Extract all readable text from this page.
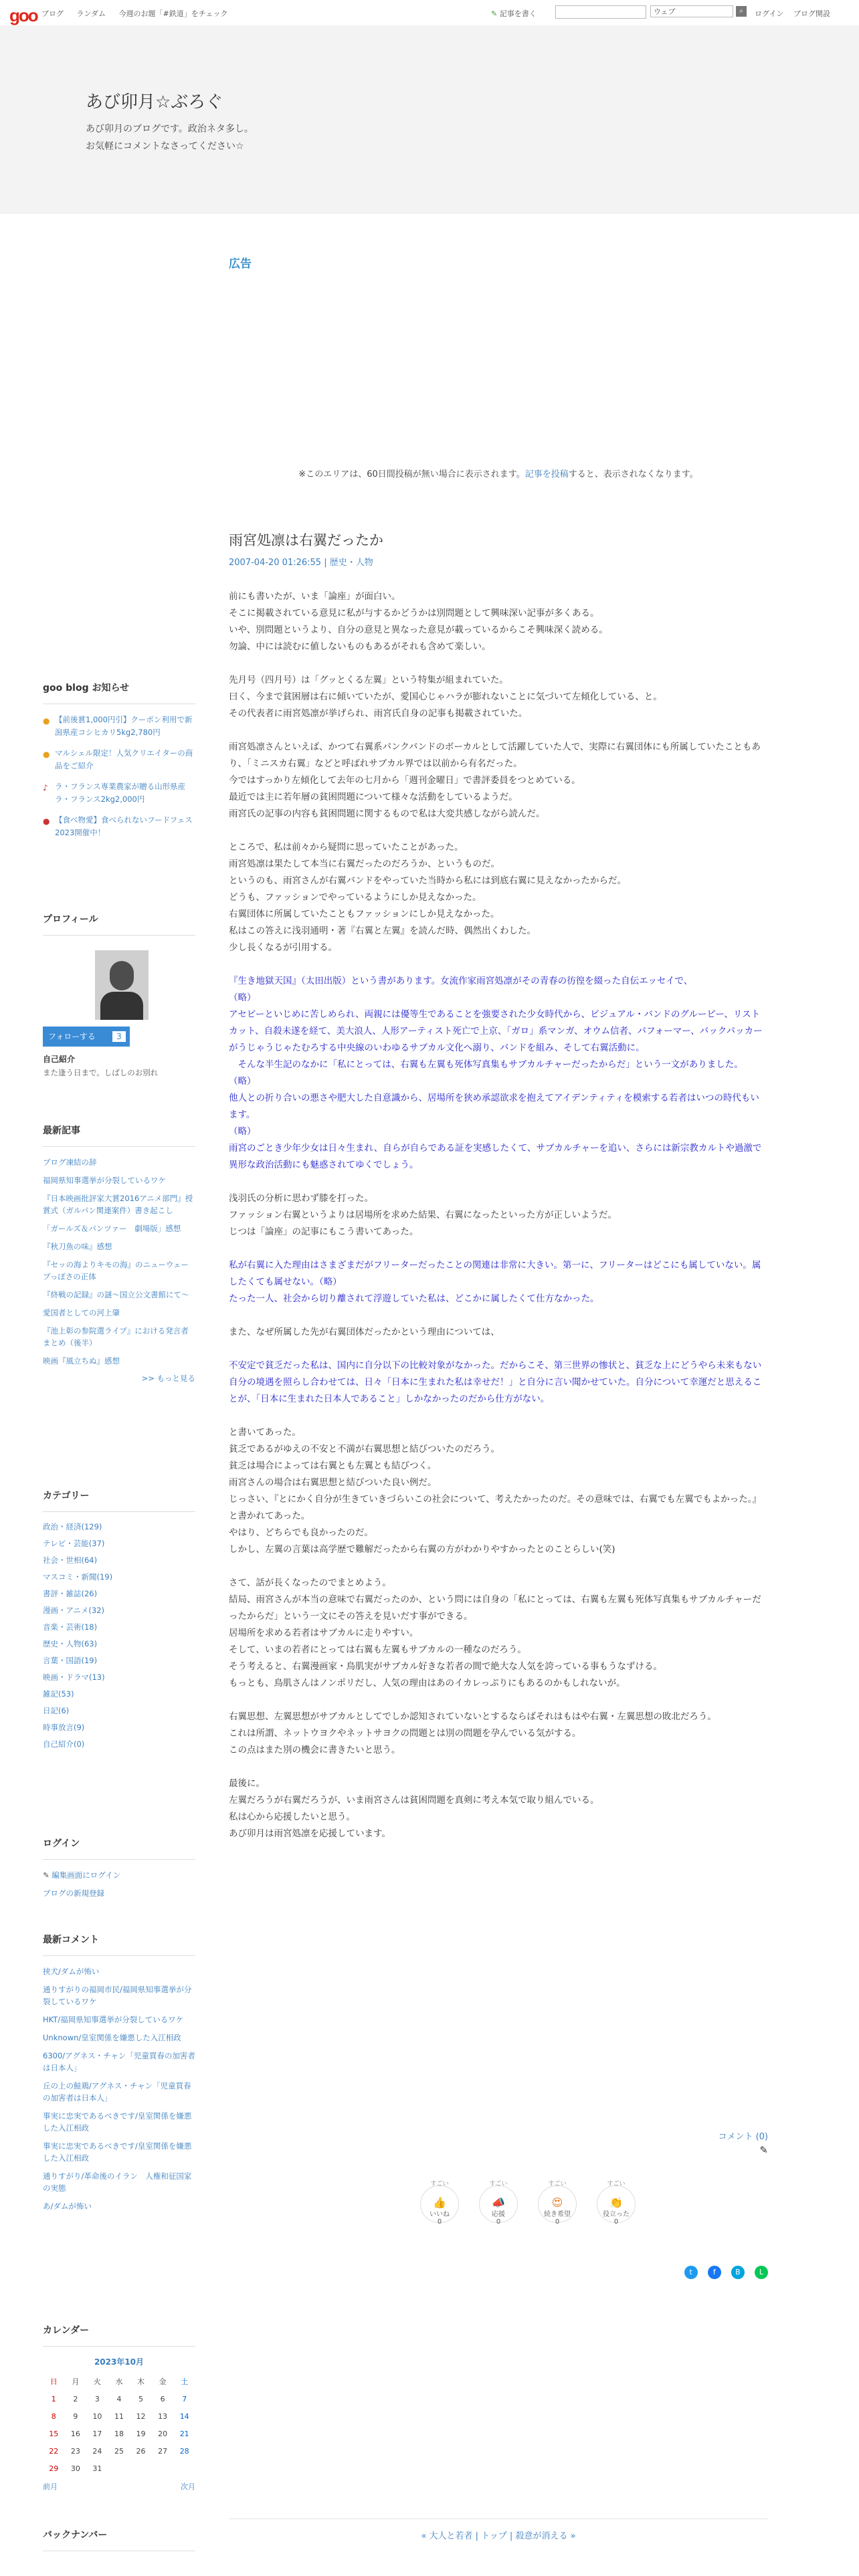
goo ブログ ランダム 今週のお題「#鉄道」をチェック	✎ 記事を書く	ウェブ	⌕	ログイン ブログ開設
あび卯月☆ぶろぐ
あび卯月のブログです。政治ネタ多し。
お気軽にコメントなさってください☆
広告
※このエリアは、60日間投稿が無い場合に表示されます。記事を投稿すると、表示されなくなります。
雨宮処凛は右翼だったか
2007-04-20 01:26:55 | 歴史・人物

前にも書いたが、いま「論座」が面白い。
そこに掲載されている意見に私が与するかどうかは別問題として興味深い記事が多くある。
いや、別問題というより、自分の意見と異なった意見が載っているからこそ興味深く読める。
勿論、中には読むに値しないものもあるがそれも含めて楽しい。

先月号（四月号）は「グッとくる左翼」という特集が組まれていた。
曰く、今まで貧困層は右に傾いていたが、愛国心じゃハラが膨れないことに気づいて左傾化している、と。
その代表者に雨宮処凛が挙げられ、雨宮氏自身の記事も掲載されていた。

雨宮処凛さんといえば、かつて右翼系パンクバンドのボーカルとして活躍していた人で、実際に右翼団体にも所属していたこともあり、「ミニスカ右翼」などと呼ばれサブカル界では以前から有名だった。
今ではすっかり左傾化して去年の七月から「週刊金曜日」で書評委員をつとめている。
最近では主に若年層の貧困問題について様々な活動をしているようだ。
雨宮氏の記事の内容も貧困問題に関するもので私は大変共感しながら読んだ。

ところで、私は前々から疑問に思っていたことがあった。
雨宮処凛は果たして本当に右翼だったのだろうか、というものだ。
というのも、雨宮さんが右翼バンドをやっていた当時から私には到底右翼に見えなかったからだ。
どうも、ファッションでやっているようにしか見えなかった。
右翼団体に所属していたこともファッションにしか見えなかった。
私はこの答えに浅羽通明・著『右翼と左翼』を読んだ時、偶然出くわした。
少し長くなるが引用する。

『生き地獄天国』（太田出版）という書があります。女流作家雨宮処凛がその青春の彷徨を綴った自伝エッセイで、
（略）
アセビーといじめに苦しめられ、両親には優等生であることを強要された少女時代から、ビジュアル・バンドのグルーピー、リストカット、自殺未遂を経て、美大浪人、人形アーティスト死亡で上京、「ガロ」系マンガ、オウム信者、パフォーマー、バックパッカーがうじゃうじゃたむろする中央線のいわゆるサブカル文化へ溺り、バンドを組み、そして右翼活動に。
　そんな半生記のなかに「私にとっては、右翼も左翼も死体写真集もサブカルチャーだったからだ」という一文がありました。
（略）
他人との折り合いの悪さや肥大した自意識から、居場所を狭め承認欲求を抱えてアイデンティティを模索する若者はいつの時代もいます。
（略）
雨宮のごとき少年少女は日々生まれ、自らが自らである証を実感したくて、サブカルチャーを追い、さらには新宗教カルトや過激で異形な政治活動にも魅惑されてゆくでしょう。

浅羽氏の分析に思わず膝を打った。
ファッション右翼というよりは居場所を求めた結果、右翼になったといった方が正しいようだ。
じつは「論座」の記事にもこう書いてあった。

私が右翼に入た理由はさまざまだがフリーターだったことの関連は非常に大きい。第一に、フリーターはどこにも属していない。属したくても属せない。（略）
たった一人、社会から切り離されて浮遊していた私は、どこかに属したくて仕方なかった。

また、なぜ所属した先が右翼団体だったかという理由については、

不安定で貧乏だった私は、国内に自分以下の比較対象がなかった。だからこそ、第三世界の惨状と、貧乏な上にどうやら未来もない自分の境遇を照らし合わせては、日々「日本に生まれた私は幸せだ！」と自分に言い聞かせていた。自分について幸運だと思えることが、「日本に生まれた日本人であること」しかなかったのだから仕方がない。

と書いてあった。
貧乏であるがゆえの不安と不満が右翼思想と結びついたのだろう。
貧乏は場合によっては右翼とも左翼とも結びつく。
雨宮さんの場合は右翼思想と結びついた良い例だ。
じっさい、『とにかく自分が生きていきづらいこの社会について、考えたかったのだ。その意味では、右翼でも左翼でもよかった。』と書かれてあった。
やはり、どちらでも良かったのだ。
しかし、左翼の言葉は高学歴で難解だったから右翼の方がわかりやすかったとのことらしい(笑)

さて、話が長くなったのでまとめよう。
結局、雨宮さんが本当の意味で右翼だったのか、という問には自身の「私にとっては、右翼も左翼も死体写真集もサブカルチャーだったからだ」という一文にその答えを見いだす事ができる。
居場所を求める若者はサブカルに走りやすい。
そして、いまの若者にとっては右翼も左翼もサブカルの一種なのだろう。
そう考えると、右翼漫画家・鳥肌実がサブカル好きな若者の間で絶大な人気を誇っている事もうなずける。
もっとも、鳥肌さんはノンポリだし、人気の理由はあのイカレっぷりにもあるのかもしれないが。

右翼思想、左翼思想がサブカルとしてでしか認知されていないとするならばそれはもはや右翼・左翼思想の敗北だろう。
これは所謂、ネットウヨクやネットサヨクの問題とは別の問題を孕んでいる気がする。
この点はまた別の機会に書きたいと思う。

最後に。
左翼だろうが右翼だろうが、いま雨宮さんは貧困問題を真剣に考え本気で取り組んでいる。
私は心から応援したいと思う。
あび卯月は雨宮処凛を応援しています。

コメント (0)
✎
すごい
👍
いいね
0
すごい
📣
応援
0
すごい
😍
続き希望
0
すごい
👏
役立った
0
t	f	B	L
« 大人と若者 | トップ | 殺意が消える »
goo blog お知らせ
● 【前後賞1,000円引】クーポン利用で新潟県産コシヒカリ5kg2,780円
● マルシェル限定！人気クリエイターの商品をご紹介
♪ ラ・フランス専業農家が贈る山形県産ラ・フランス2kg2,000円
● 【食べ物愛】食べられないフードフェス2023開催中！
プロフィール
フォローする	3
自己紹介
また逢う日まで。しばしのお別れ
最新記事
ブログ凍結の辞
福岡県知事選挙が分裂しているワケ
『日本映画批評家大賞2016アニメ部門』授賞式（ガルパン関連案件）書き起こし
「ガールズ＆パンツァー　劇場版」感想
『秋刀魚の味』感想
『セッの海よりキモの海』のニューウェーブっぽさの正体
『終戦の記録』の謎～国立公文書館にて～
愛国者としての河上肇
『池上彰の参院選ライブ』における発言者まとめ（後半）
映画『風立ちぬ』感想
>> もっと見る
カテゴリー
政治・経済(129)
テレビ・芸能(37)
社会・世相(64)
マスコミ・新聞(19)
書評・雑誌(26)
漫画・アニメ(32)
音楽・芸術(18)
歴史・人物(63)
言葉・国語(19)
映画・ドラマ(13)
雑記(53)
日記(6)
時事放言(9)
自己紹介(0)
ログイン
✎ 編集画面にログイン
ブログの新規登録
最新コメント
挟犬/ダムが怖い
通りすがりの福岡市民/福岡県知事選挙が分裂しているワケ
HKT/福岡県知事選挙が分裂しているワケ
Unknown/皇室関係を嫌悪した入江相政
6300/アグネス・チャン「児童買春の加害者は日本人」
丘の上の鮭鶏/アグネス・チャン「児童買春の加害者は日本人」
事実に忠実であるべきです/皇室関係を嫌悪した入江相政
事実に忠実であるべきです/皇室関係を嫌悪した入江相政
通りすがり/革命後のイラン　人権和征国家の実態
あ/ダムが怖い
カレンダー
2023年10月
日	月	火	水	木	金	土
1	2	3	4	5	6	7
8	9	10	11	12	13	14
15	16	17	18	19	20	21
22	23	24	25	26	27	28
29	30	31				
前月	次月
バックナンバー
